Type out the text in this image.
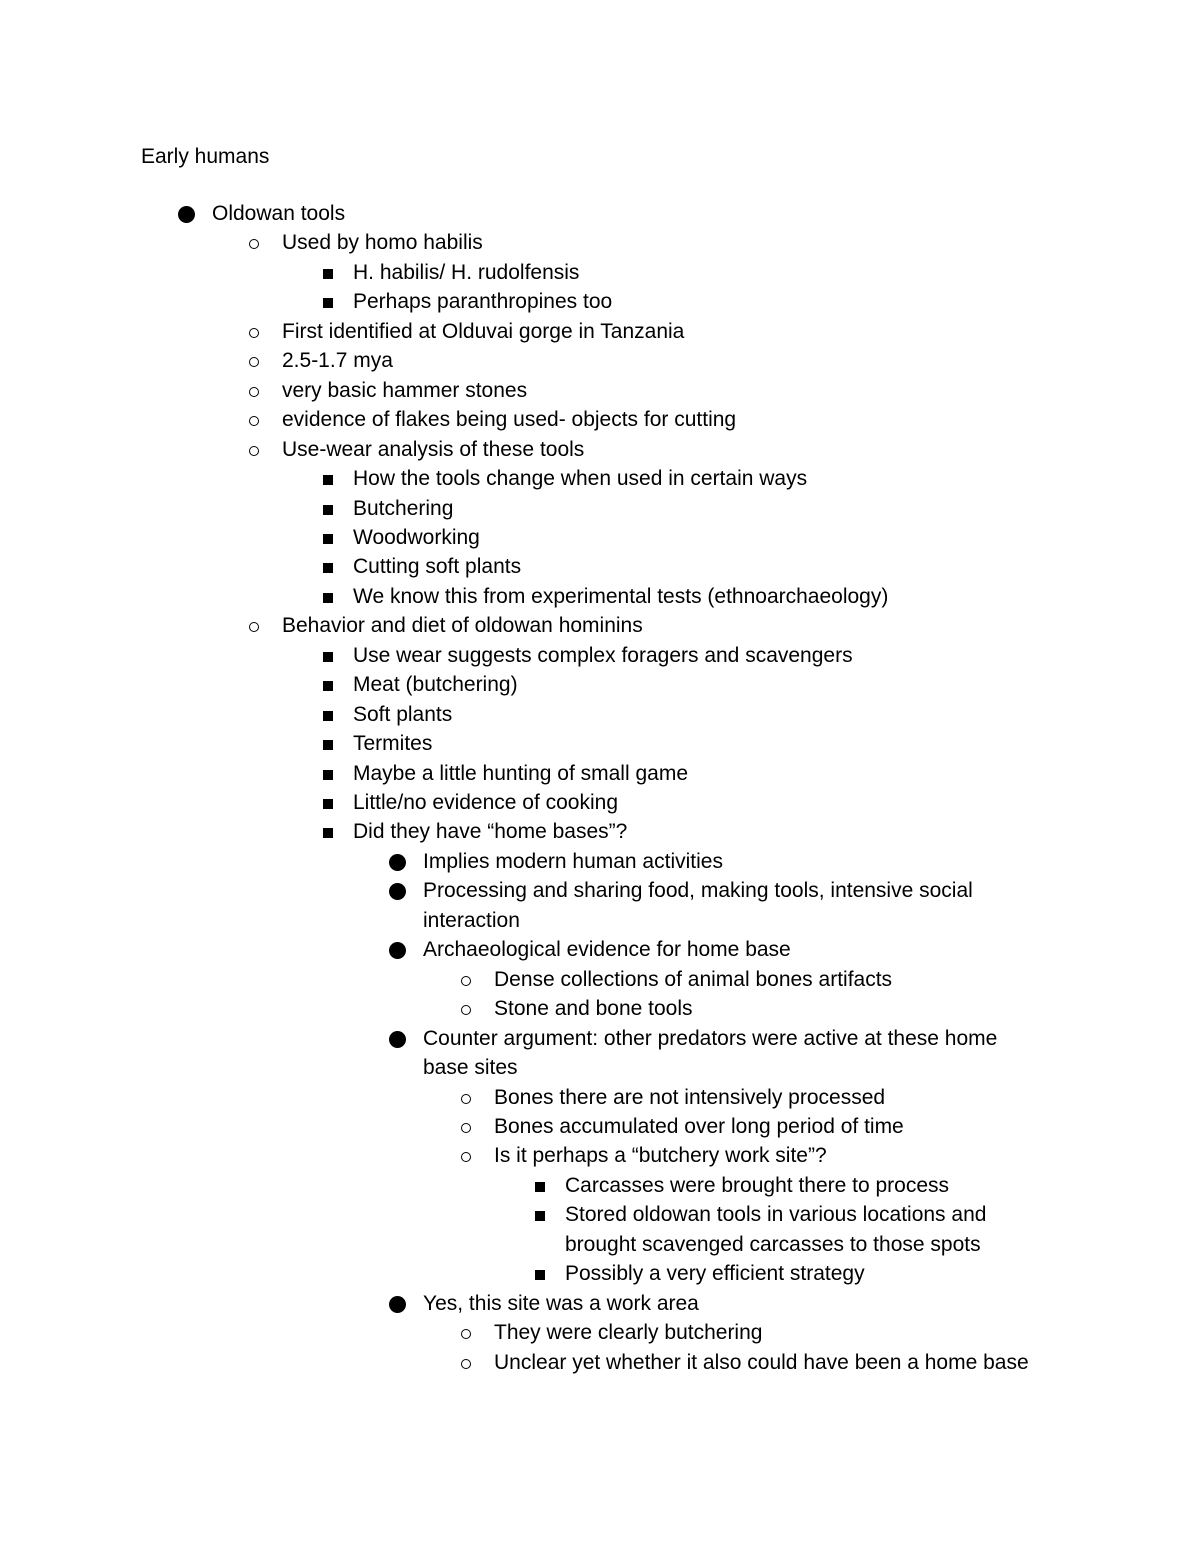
Early humans
Oldowan tools
Used by homo habilis
H. habilis/ H. rudolfensis
Perhaps paranthropines too
First identified at Olduvai gorge in Tanzania
2.5-1.7 mya
very basic hammer stones
evidence of flakes being used- objects for cutting
Use-wear analysis of these tools
How the tools change when used in certain ways
Butchering
Woodworking
Cutting soft plants
We know this from experimental tests (ethnoarchaeology)
Behavior and diet of oldowan hominins
Use wear suggests complex foragers and scavengers
Meat (butchering)
Soft plants
Termites
Maybe a little hunting of small game
Little/no evidence of cooking
Did they have “home bases”?
Implies modern human activities
Processing and sharing food, making tools, intensive social
interaction
Archaeological evidence for home base
Dense collections of animal bones artifacts
Stone and bone tools
Counter argument: other predators were active at these home
base sites
Bones there are not intensively processed
Bones accumulated over long period of time
Is it perhaps a “butchery work site”?
Carcasses were brought there to process
Stored oldowan tools in various locations and
brought scavenged carcasses to those spots
Possibly a very efficient strategy
Yes, this site was a work area
They were clearly butchering
Unclear yet whether it also could have been a home base
